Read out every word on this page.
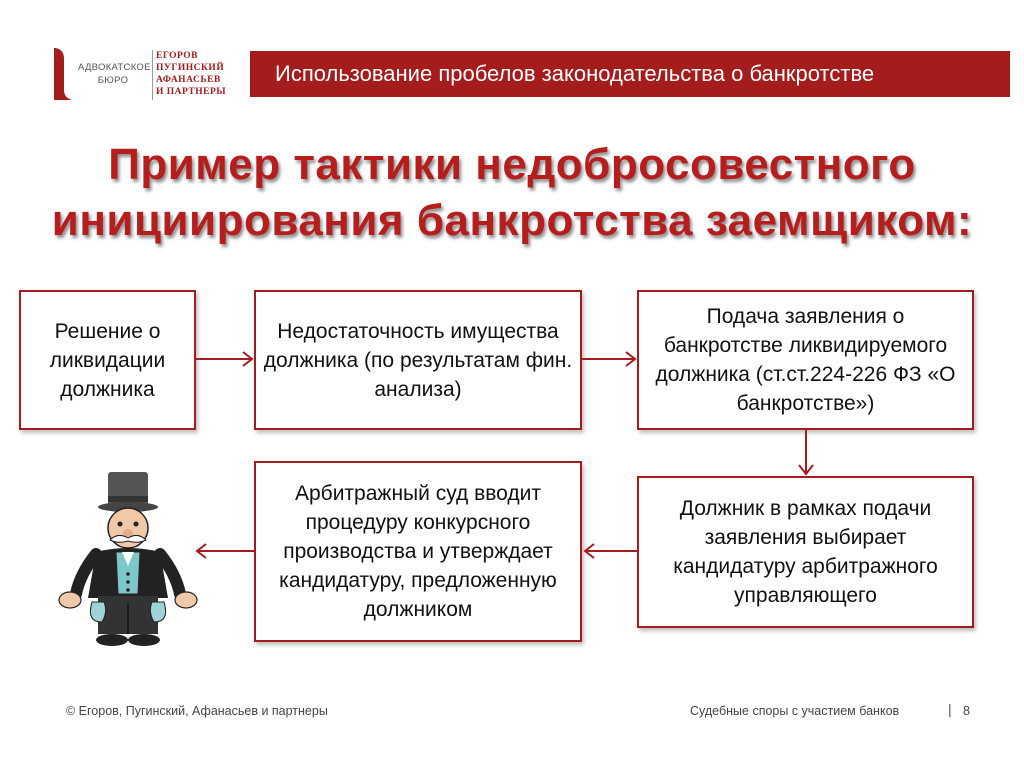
АДВОКАТСКОЕ БЮРО
ЕГОРОВ
ПУГИНСКИЙ
АФАНАСЬЕВ
И ПАРТНЕРЫ
Использование пробелов законодательства о банкротстве
Пример тактики недобросовестного
инициирования банкротства заемщиком:
Решение о ликвидации должника
Недостаточность имущества должника (по результатам фин. анализа)
Подача заявления о банкротстве ликвидируемого должника (ст.ст.224-226 ФЗ «О банкротстве»)
Должник в рамках подачи заявления выбирает кандидатуру арбитражного управляющего
Арбитражный суд вводит процедуру конкурсного производства и утверждает кандидатуру, предложенную должником
© Егоров, Пугинский, Афанасьев и партнеры	Судебные споры с участием банков	| 8
